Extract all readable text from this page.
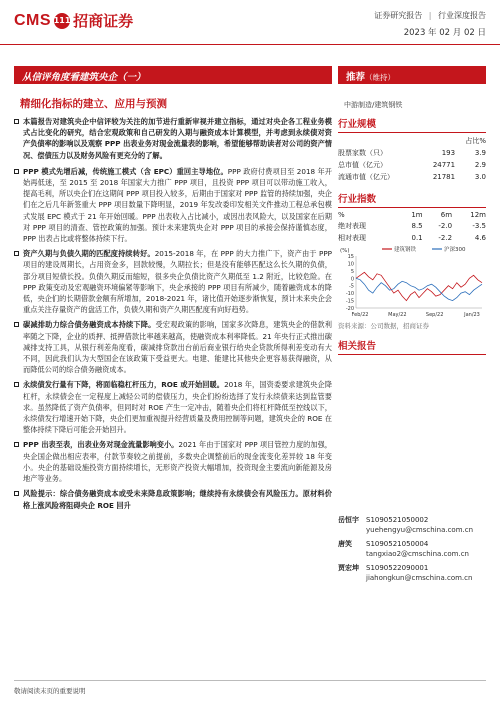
CMS 111 招商证券	证券研究报告 | 行业深度报告
2023 年 02 月 02 日
从信评角度看建筑央企（一）	推荐（维持）
精细化指标的建立、应用与预测	中游制造/建筑钢铁
本篇报告对建筑央企中信评较为关注的加节进行重新审视并建立指标，通过对央企各工程业务模式占比变化的研究，结合宏观政策和自己研发的入期与融资成本计算模型，并考虑到永续债对资产负债率的影响以及观察 PPP 出表业务对现金流量表的影响，希望能够帮助读者对公司的资产情况、偿债压力以及财务风险有更充分的了解。
PPP 模式先增后减，传统施工模式（含 EPC）重回主导地位。PPP 政府付费项目至 2018 年开始再低迷，至 2015 至 2018 年国家大力推广 PPP 项目，且投资 PPP 项目可以带动施工收入，提高毛利，所以央企们在这期间 PPP 项目投入较多，后期由于国家对 PPP 监管的持续加强，央企们在之后几年新签重大 PPP 项目数量下降明显，2019 年发改委印发相关文件推动工程总承包模式发展 EPC 模式于 21 年开始回暖。PPP 出表收入占比减小，或因出表风险大，以及国家在后期对 PPP 项目的清查、管控政策的加强。预计未来建筑央企对 PPP 项目的承接会保持谨慎态度，PPP 出表占比或将整体持续下行。
资产久期与负债久期的匹配度持续转好。2015-2018 年，在 PPP 的大力推广下，资产由于 PPP 项目的建设周期长，占用资金多，回款较慢，久期拉长；但是没有能够匹配这么长久期的负债，部分项目短债长投。负债久期反而缩短，很多央企负债比资产久期低至 1.2 附近，比较危险。在 PPP 政策变动及宏观融资环境偏紧等影响下，央企承接的 PPP 项目有所减少，随着融资成本的降低，央企们的长期借款金额有所增加，2018-2021 年，诸比值开始逐步渐恢复，预计未来央企会重点关注存量资产的盘活工作，负债久期和资产久期匹配度有向好趋势。
碳减排助力综合债务融资成本持续下降。受宏观政策的影响，国家多次降息，建筑央企的借款利率随之下降，企业的质押、抵押借款比率越来越高，使融资成本利率降低。21 年央行正式推出碳减排支持工具，从银行利差角度看，碳减排贷款出台前后商业银行给央企贷款所得利差变动有大不同，因此我们认为大型国企在该政策下受益更大。电建、能建比其他央企更容易获得融资，从而降低公司的综合债务融资成本。
永续债发行量有下降，将面临稳杠杆压力，ROE 或开始回暖。2018 年，国资委要求建筑央企降杠杆，永续债会在一定程度上减轻公司的偿债压力，央企们纷纷选择了发行永续债来达到监管要求。虽然降低了资产负债率，但同时对 ROE 产生一定冲击，随着央企们将杠杆降低至控线以下，永续债发行增速开始下降，央企们更加重视提升经营质量及费用控制等问题，建筑央企的 ROE 在整体持续下降后可能会开始回升。
PPP 出表至表，出表业务对现金流量影响变小。2021 年由于国家对 PPP 项目管控力度的加强，央企国企做出相应表率，付款节奏较之前提前，多数央企调整前后的现金流变化差异较 18 年变小。央企的基础设施投资方面持续增长，无形资产投资大幅增加，投资现金主要流向新能源及房地产等业务。
风险提示：综合债务融资成本或受未来降息政策影响；继续持有永续债会有风险压力。原材料价格上涨风险将阻碍央企 ROE 回升
行业规模
		占比%
股票家数（只）	193	3.9
总市值（亿元）	24771	2.9
流通市值（亿元）	21781	3.0
行业指数
%	1m	6m	12m
绝对表现	8.5	-2.0	-3.5
相对表现	0.1	-2.2	4.6
(%)	建筑钢铁	沪深300
15
10
5
0
-5
-10
-15
-20
Feb/22	May/22	Sep/22	Jan/23
资料来源：公司数据，招商证券
相关报告
岳恒宇 S1090521050002
yuehengyu@cmschina.com.cn
唐笑 S1090521050004
tangxiao2@cmschina.com.cn
贾宏坤 S1090522090001
jiahongkun@cmschina.com.cn
敬请阅读末页的重要说明
